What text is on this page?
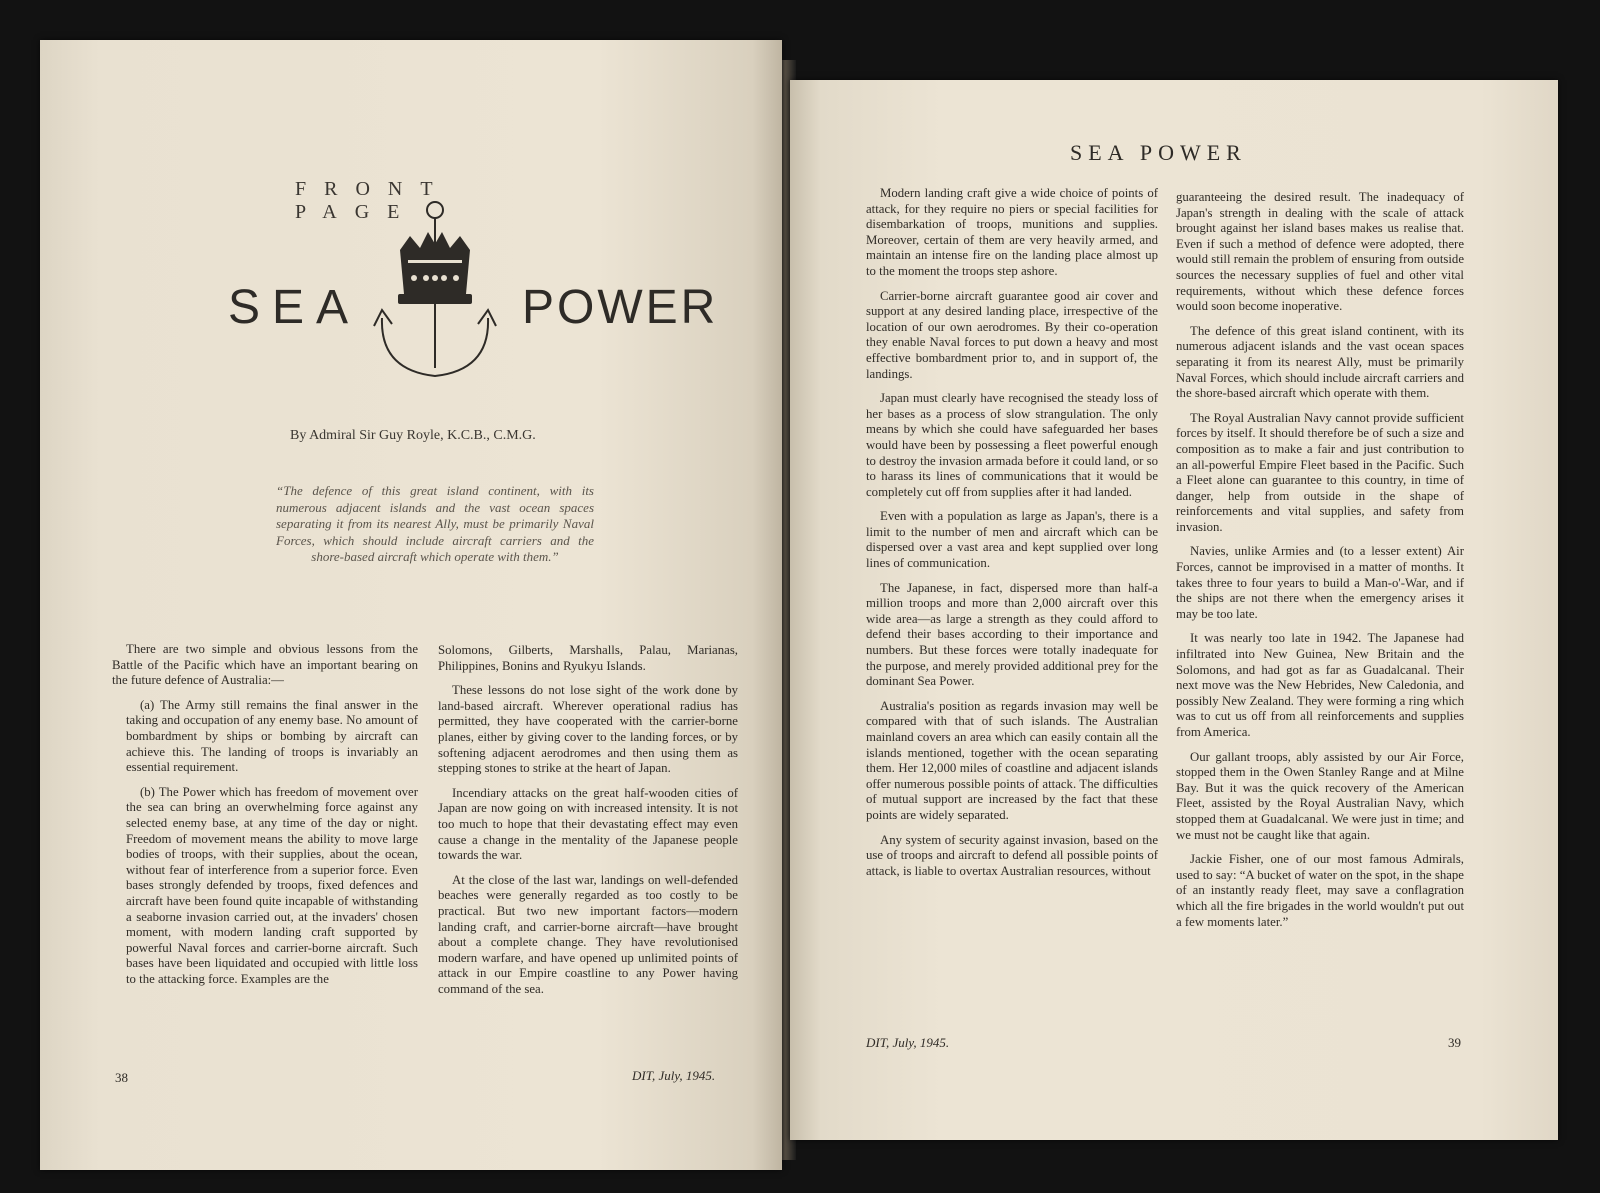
FRONT PAGE
SEA	POWER
By Admiral Sir Guy Royle, K.C.B., C.M.G.

“The defence of this great island continent, with its numerous adjacent islands and the vast ocean spaces separating it from its nearest Ally, must be primarily Naval Forces, which should include aircraft carriers and the shore-based aircraft which operate with them.”

There are two simple and obvious lessons from the Battle of the Pacific which have an important bearing on the future defence of Australia:—

(a) The Army still remains the final answer in the taking and occupation of any enemy base. No amount of bombardment by ships or bombing by aircraft can achieve this. The landing of troops is invariably an essential requirement.

(b) The Power which has freedom of movement over the sea can bring an overwhelming force against any selected enemy base, at any time of the day or night. Freedom of movement means the ability to move large bodies of troops, with their supplies, about the ocean, without fear of interference from a superior force. Even bases strongly defended by troops, fixed defences and aircraft have been found quite incapable of withstanding a seaborne invasion carried out, at the invaders' chosen moment, with modern landing craft supported by powerful Naval forces and carrier-borne aircraft. Such bases have been liquidated and occupied with little loss to the attacking force. Examples are the

Solomons, Gilberts, Marshalls, Palau, Marianas, Philippines, Bonins and Ryukyu Islands.

These lessons do not lose sight of the work done by land-based aircraft. Wherever operational radius has permitted, they have cooperated with the carrier-borne planes, either by giving cover to the landing forces, or by softening adjacent aerodromes and then using them as stepping stones to strike at the heart of Japan.

Incendiary attacks on the great half-wooden cities of Japan are now going on with increased intensity. It is not too much to hope that their devastating effect may even cause a change in the mentality of the Japanese people towards the war.

At the close of the last war, landings on well-defended beaches were generally regarded as too costly to be practical. But two new important factors—modern landing craft, and carrier-borne aircraft—have brought about a complete change. They have revolutionised modern warfare, and have opened up unlimited points of attack in our Empire coastline to any Power having command of the sea.

38	DIT, July, 1945.
SEA POWER

Modern landing craft give a wide choice of points of attack, for they require no piers or special facilities for disembarkation of troops, munitions and supplies. Moreover, certain of them are very heavily armed, and maintain an intense fire on the landing place almost up to the moment the troops step ashore.

Carrier-borne aircraft guarantee good air cover and support at any desired landing place, irrespective of the location of our own aerodromes. By their co-operation they enable Naval forces to put down a heavy and most effective bombardment prior to, and in support of, the landings.

Japan must clearly have recognised the steady loss of her bases as a process of slow strangulation. The only means by which she could have safeguarded her bases would have been by possessing a fleet powerful enough to destroy the invasion armada before it could land, or so to harass its lines of communications that it would be completely cut off from supplies after it had landed.

Even with a population as large as Japan's, there is a limit to the number of men and aircraft which can be dispersed over a vast area and kept supplied over long lines of communication.

The Japanese, in fact, dispersed more than half-a million troops and more than 2,000 aircraft over this wide area—as large a strength as they could afford to defend their bases according to their importance and numbers. But these forces were totally inadequate for the purpose, and merely provided additional prey for the dominant Sea Power.

Australia's position as regards invasion may well be compared with that of such islands. The Australian mainland covers an area which can easily contain all the islands mentioned, together with the ocean separating them. Her 12,000 miles of coastline and adjacent islands offer numerous possible points of attack. The difficulties of mutual support are increased by the fact that these points are widely separated.

Any system of security against invasion, based on the use of troops and aircraft to defend all possible points of attack, is liable to overtax Australian resources, without

guaranteeing the desired result. The inadequacy of Japan's strength in dealing with the scale of attack brought against her island bases makes us realise that. Even if such a method of defence were adopted, there would still remain the problem of ensuring from outside sources the necessary supplies of fuel and other vital requirements, without which these defence forces would soon become inoperative.

The defence of this great island continent, with its numerous adjacent islands and the vast ocean spaces separating it from its nearest Ally, must be primarily Naval Forces, which should include aircraft carriers and the shore-based aircraft which operate with them.

The Royal Australian Navy cannot provide sufficient forces by itself. It should therefore be of such a size and composition as to make a fair and just contribution to an all-powerful Empire Fleet based in the Pacific. Such a Fleet alone can guarantee to this country, in time of danger, help from outside in the shape of reinforcements and vital supplies, and safety from invasion.

Navies, unlike Armies and (to a lesser extent) Air Forces, cannot be improvised in a matter of months. It takes three to four years to build a Man-o'-War, and if the ships are not there when the emergency arises it may be too late.

It was nearly too late in 1942. The Japanese had infiltrated into New Guinea, New Britain and the Solomons, and had got as far as Guadalcanal. Their next move was the New Hebrides, New Caledonia, and possibly New Zealand. They were forming a ring which was to cut us off from all reinforcements and supplies from America.

Our gallant troops, ably assisted by our Air Force, stopped them in the Owen Stanley Range and at Milne Bay. But it was the quick recovery of the American Fleet, assisted by the Royal Australian Navy, which stopped them at Guadalcanal. We were just in time; and we must not be caught like that again.

Jackie Fisher, one of our most famous Admirals, used to say: “A bucket of water on the spot, in the shape of an instantly ready fleet, may save a conflagration which all the fire brigades in the world wouldn't put out a few moments later.”

DIT, July, 1945.	39
